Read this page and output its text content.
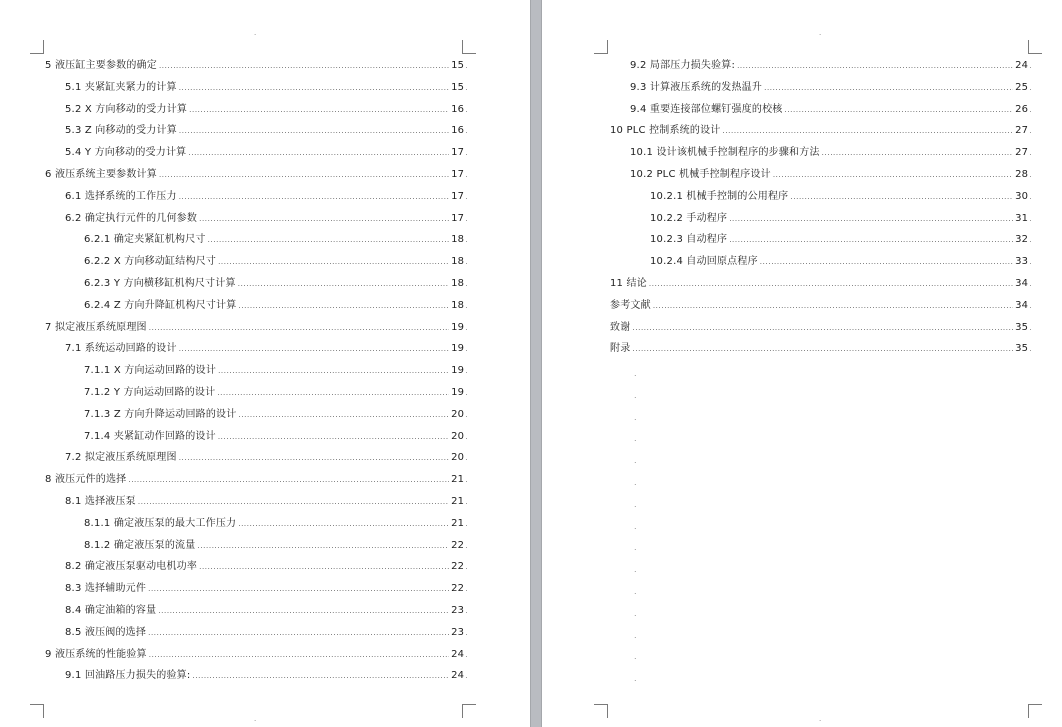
.
.
5 液压缸主要参数的确定 . . .	15 .
5.1 夹紧缸夹紧力的计算 . . .	15 .
5.2 X 方向移动的受力计算 . . .	16 .
5.3 Z 向移动的受力计算 . . .	16 .
5.4 Y 方向移动的受力计算 . . .	17 .
6 液压系统主要参数计算 . . .	17 .
6.1 选择系统的工作压力 . . .	17 .
6.2 确定执行元件的几何参数 . . .	17 .
6.2.1 确定夹紧缸机构尺寸 . . .	18 .
6.2.2 X 方向移动缸结构尺寸 . . .	18 .
6.2.3 Y 方向横移缸机构尺寸计算 . . .	18 .
6.2.4 Z 方向升降缸机构尺寸计算 . . .	18 .
7 拟定液压系统原理图 . . .	19 .
7.1 系统运动回路的设计 . . .	19 .
7.1.1 X 方向运动回路的设计 . . .	19 .
7.1.2 Y 方向运动回路的设计 . . .	19 .
7.1.3 Z 方向升降运动回路的设计 . . .	20 .
7.1.4 夹紧缸动作回路的设计 . . .	20 .
7.2 拟定液压系统原理图 . . .	20 .
8 液压元件的选择 . . .	21 .
8.1 选择液压泵 . . .	21 .
8.1.1 确定液压泵的最大工作压力 . . .	21 .
8.1.2 确定液压泵的流量 . . .	22 .
8.2 确定液压泵驱动电机功率 . . .	22 .
8.3 选择辅助元件 . . .	22 .
8.4 确定油箱的容量 . . .	23 .
8.5 液压阀的选择 . . .	23 .
9 液压系统的性能验算 . . .	24 .
9.1 回油路压力损失的验算: . . .	24 .
.
.
9.2 局部压力损失验算: . . .	24 .
9.3 计算液压系统的发热温升 . . .	25 .
9.4 重要连接部位螺钉强度的校核 . . .	26 .
10 PLC 控制系统的设计 . . .	27 .
10.1 设计该机械手控制程序的步骤和方法 . . .	27 .
10.2 PLC 机械手控制程序设计 . . .	28 .
10.2.1 机械手控制的公用程序 . . .	30 .
10.2.2 手动程序 . . .	31 .
10.2.3 自动程序 . . .	32 .
10.2.4 自动回原点程序 . . .	33 .
11 结论 . . .	34 .
参考文献 . . .	34 .
致谢 . . .	35 .
附录 . . .	35 .
.
.
.
.
.
.
.
.
.
.
.
.
.
.
.
